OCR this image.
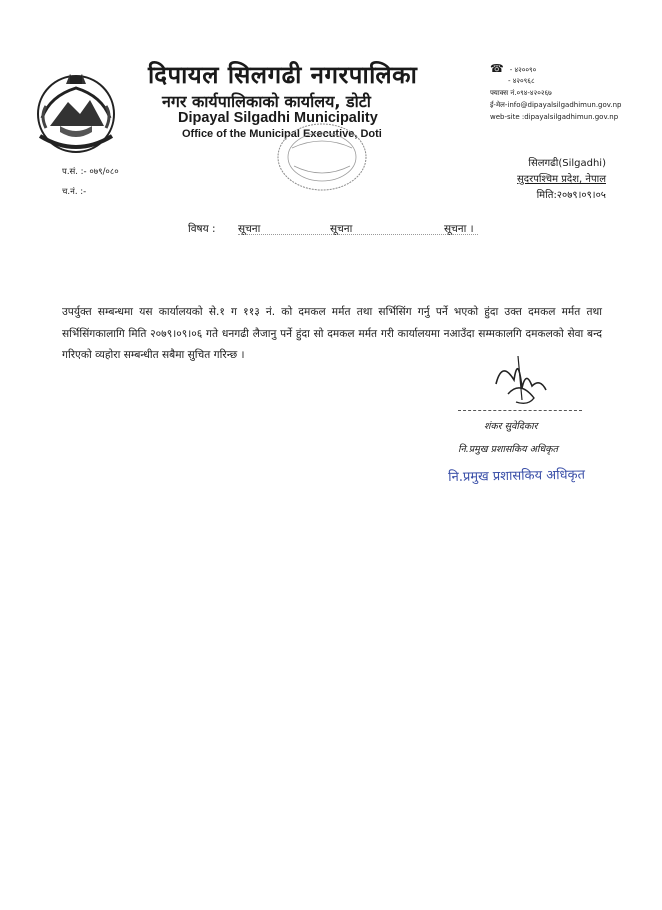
दिपायल सिलगढी नगरपालिका
नगर कार्यपालिकाको कार्यालय, डोटी
Dipayal Silgadhi Municipality
Office of the Municipal Executive, Doti
☎ - ४२००९०
- ४२०९६८
फ्याक्स नं.०९४-४२०२६७
ई-मेल-info@dipayalsilgadhimun.gov.np
web-site :dipayalsilgadhimun.gov.np
प.सं. :- ०७९/०८०
च.नं. :-
सिलगढी(Silgadhi)
सुदरपश्चिम प्रदेश, नेपाल
मिति:२०७९।०९।०५
विषय : सूचना	सूचना	सूचना ।
उपर्युक्त सम्बन्धमा यस कार्यालयको से.१ ग ११३ नं. को दमकल मर्मत तथा सर्भिसिंग गर्नु पर्ने भएको हुंदा उक्त दमकल मर्मत तथा सर्भिसिंगकालागि मिति २०७९।०९।०६ गते धनगढी लैजानु पर्ने हुंदा सो दमकल मर्मत गरी कार्यालयमा नआउँदा सम्मकालगि दमकलको सेवा बन्द गरिएको व्यहोरा सम्बन्धीत सबैमा सुचित गरिन्छ ।
शंकर सुवेदिकार
नि.प्रमुख प्रशासकिय अधिकृत
नि.प्रमुख प्रशासकिय अधिकृत
